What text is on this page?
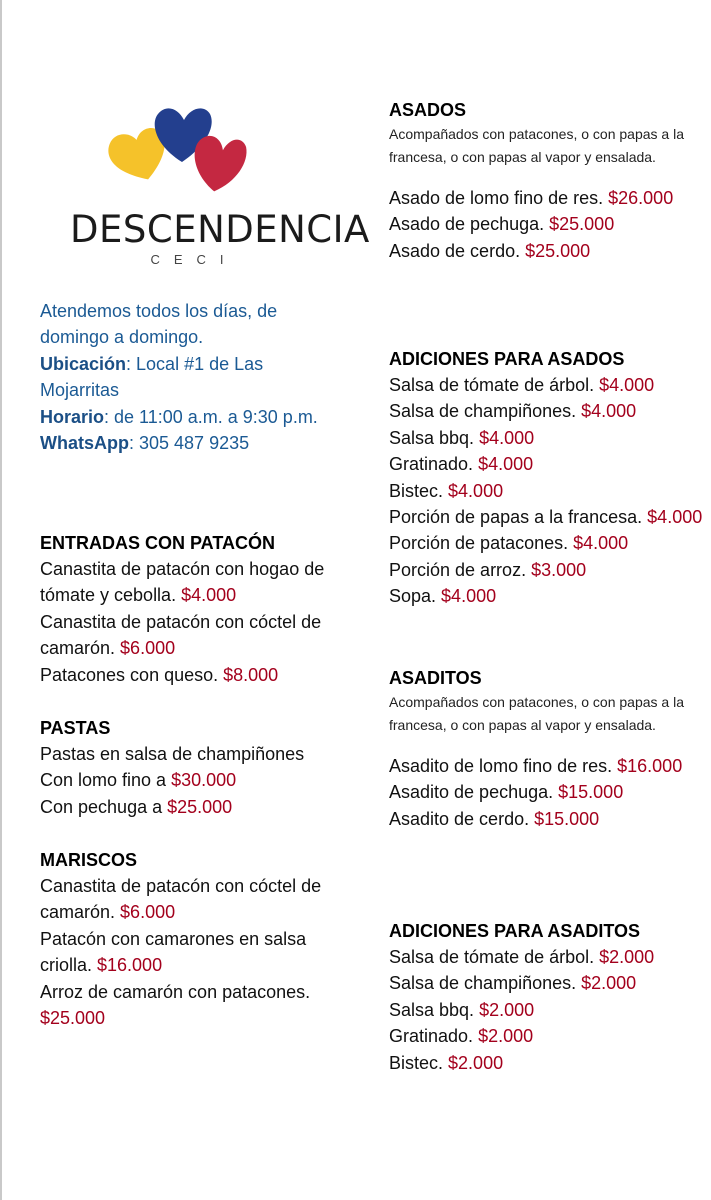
DESCENDENCIA
CECI
Atendemos todos los días, de domingo a domingo.
Ubicación: Local #1 de Las Mojarritas
Horario: de 11:00 a.m. a 9:30 p.m.
WhatsApp: 305 487 9235
ENTRADAS CON PATACÓN
Canastita de patacón con hogao de tómate y cebolla. $4.000
Canastita de patacón con cóctel de camarón. $6.000
Patacones con queso. $8.000
PASTAS
Pastas en salsa de champiñones
Con lomo fino a $30.000
Con pechuga a $25.000
MARISCOS
Canastita de patacón con cóctel de camarón. $6.000
Patacón con camarones en salsa criolla. $16.000
Arroz de camarón con patacones. $25.000
ASADOS
Acompañados con patacones, o con papas a la francesa, o con papas al vapor y ensalada.
Asado de lomo fino de res. $26.000
Asado de pechuga. $25.000
Asado de cerdo. $25.000
ADICIONES PARA ASADOS
Salsa de tómate de árbol. $4.000
Salsa de champiñones. $4.000
Salsa bbq. $4.000
Gratinado. $4.000
Bistec. $4.000
Porción de papas a la francesa. $4.000
Porción de patacones. $4.000
Porción de arroz. $3.000
Sopa. $4.000
ASADITOS
Acompañados con patacones, o con papas a la francesa, o con papas al vapor y ensalada.
Asadito de lomo fino de res. $16.000
Asadito de pechuga. $15.000
Asadito de cerdo. $15.000
ADICIONES PARA ASADITOS
Salsa de tómate de árbol. $2.000
Salsa de champiñones. $2.000
Salsa bbq. $2.000
Gratinado. $2.000
Bistec. $2.000
